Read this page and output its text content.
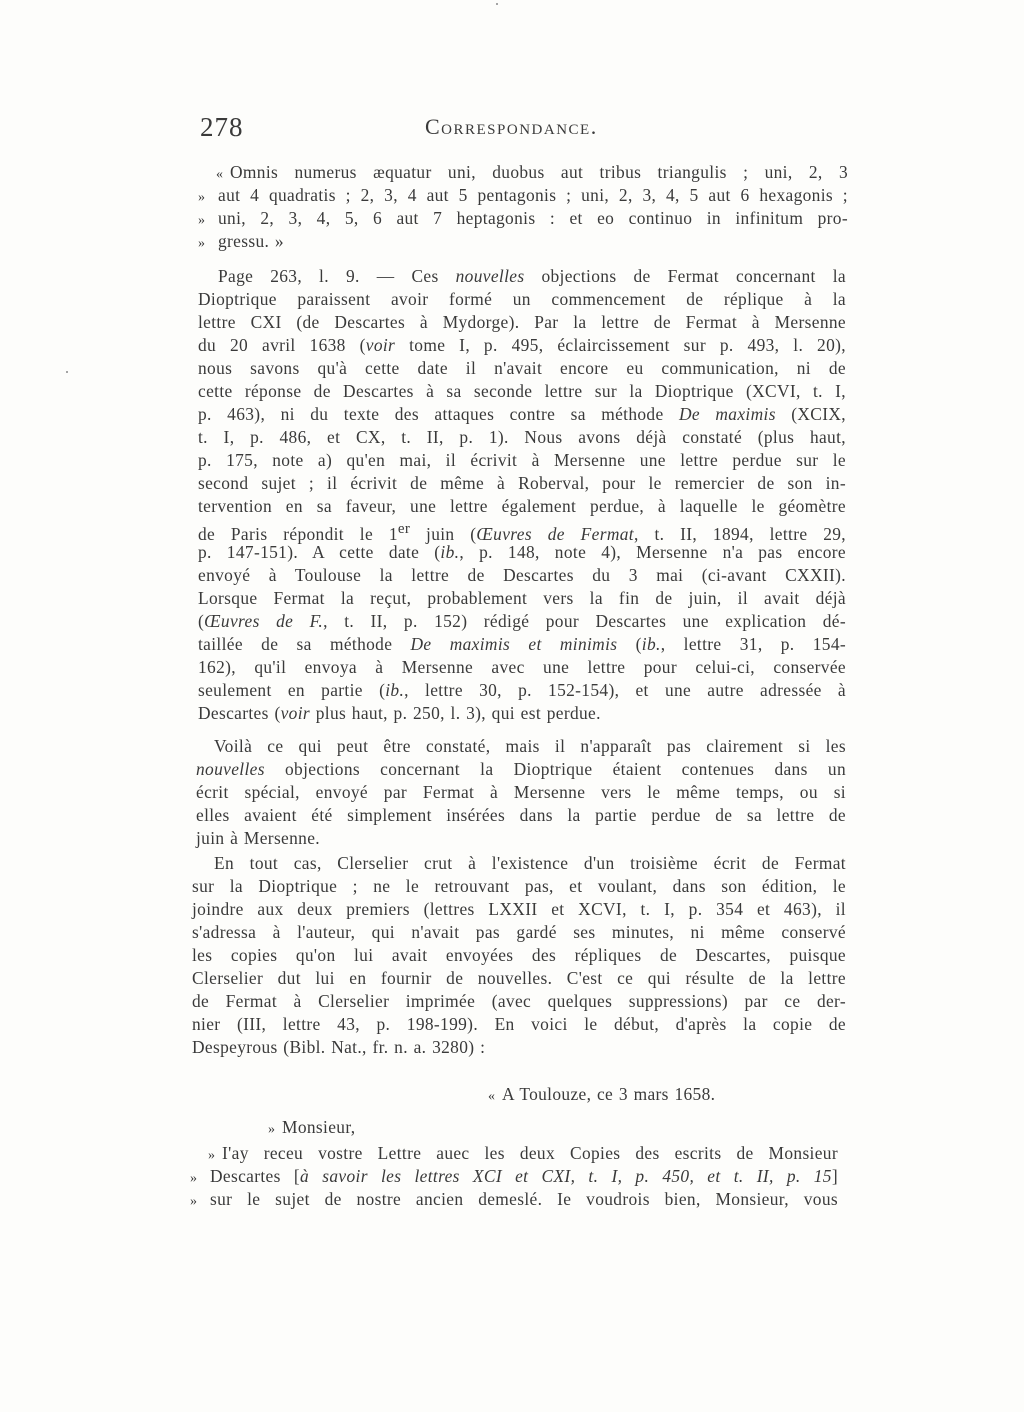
278	Correspondance.
« Omnis numerus æquatur uni, duobus aut tribus triangulis ; uni, 2, 3
» aut 4 quadratis ; 2, 3, 4 aut 5 pentagonis ; uni, 2, 3, 4, 5 aut 6 hexagonis ;
» uni, 2, 3, 4, 5, 6 aut 7 heptagonis : et eo continuo in infinitum pro-
» gressu. »
Page 263, l. 9. — Ces nouvelles objections de Fermat concernant la
Dioptrique paraissent avoir formé un commencement de réplique à la
lettre CXI (de Descartes à Mydorge). Par la lettre de Fermat à Mersenne
du 20 avril 1638 (voir tome I, p. 495, éclaircissement sur p. 493, l. 20),
nous savons qu'à cette date il n'avait encore eu communication, ni de
cette réponse de Descartes à sa seconde lettre sur la Dioptrique (XCVI, t. I,
p. 463), ni du texte des attaques contre sa méthode De maximis (XCIX,
t. I, p. 486, et CX, t. II, p. 1). Nous avons déjà constaté (plus haut,
p. 175, note a) qu'en mai, il écrivit à Mersenne une lettre perdue sur le
second sujet ; il écrivit de même à Roberval, pour le remercier de son in-
tervention en sa faveur, une lettre également perdue, à laquelle le géomètre
de Paris répondit le 1er juin (Œuvres de Fermat, t. II, 1894, lettre 29,
p. 147-151). A cette date (ib., p. 148, note 4), Mersenne n'a pas encore
envoyé à Toulouse la lettre de Descartes du 3 mai (ci-avant CXXII).
Lorsque Fermat la reçut, probablement vers la fin de juin, il avait déjà
(Œuvres de F., t. II, p. 152) rédigé pour Descartes une explication dé-
taillée de sa méthode De maximis et minimis (ib., lettre 31, p. 154-
162), qu'il envoya à Mersenne avec une lettre pour celui-ci, conservée
seulement en partie (ib., lettre 30, p. 152-154), et une autre adressée à
Descartes (voir plus haut, p. 250, l. 3), qui est perdue.
Voilà ce qui peut être constaté, mais il n'apparaît pas clairement si les
nouvelles objections concernant la Dioptrique étaient contenues dans un
écrit spécial, envoyé par Fermat à Mersenne vers le même temps, ou si
elles avaient été simplement insérées dans la partie perdue de sa lettre de
juin à Mersenne.
En tout cas, Clerselier crut à l'existence d'un troisième écrit de Fermat
sur la Dioptrique ; ne le retrouvant pas, et voulant, dans son édition, le
joindre aux deux premiers (lettres LXXII et XCVI, t. I, p. 354 et 463), il
s'adressa à l'auteur, qui n'avait pas gardé ses minutes, ni même conservé
les copies qu'on lui avait envoyées des répliques de Descartes, puisque
Clerselier dut lui en fournir de nouvelles. C'est ce qui résulte de la lettre
de Fermat à Clerselier imprimée (avec quelques suppressions) par ce der-
nier (III, lettre 43, p. 198-199). En voici le début, d'après la copie de
Despeyrous (Bibl. Nat., fr. n. a. 3280) :
« A Toulouze, ce 3 mars 1658.
» Monsieur,
» I'ay receu vostre Lettre auec les deux Copies des escrits de Monsieur
» Descartes [à savoir les lettres XCI et CXI, t. I, p. 450, et t. II, p. 15]
» sur le sujet de nostre ancien demeslé. Ie voudrois bien, Monsieur, vous
